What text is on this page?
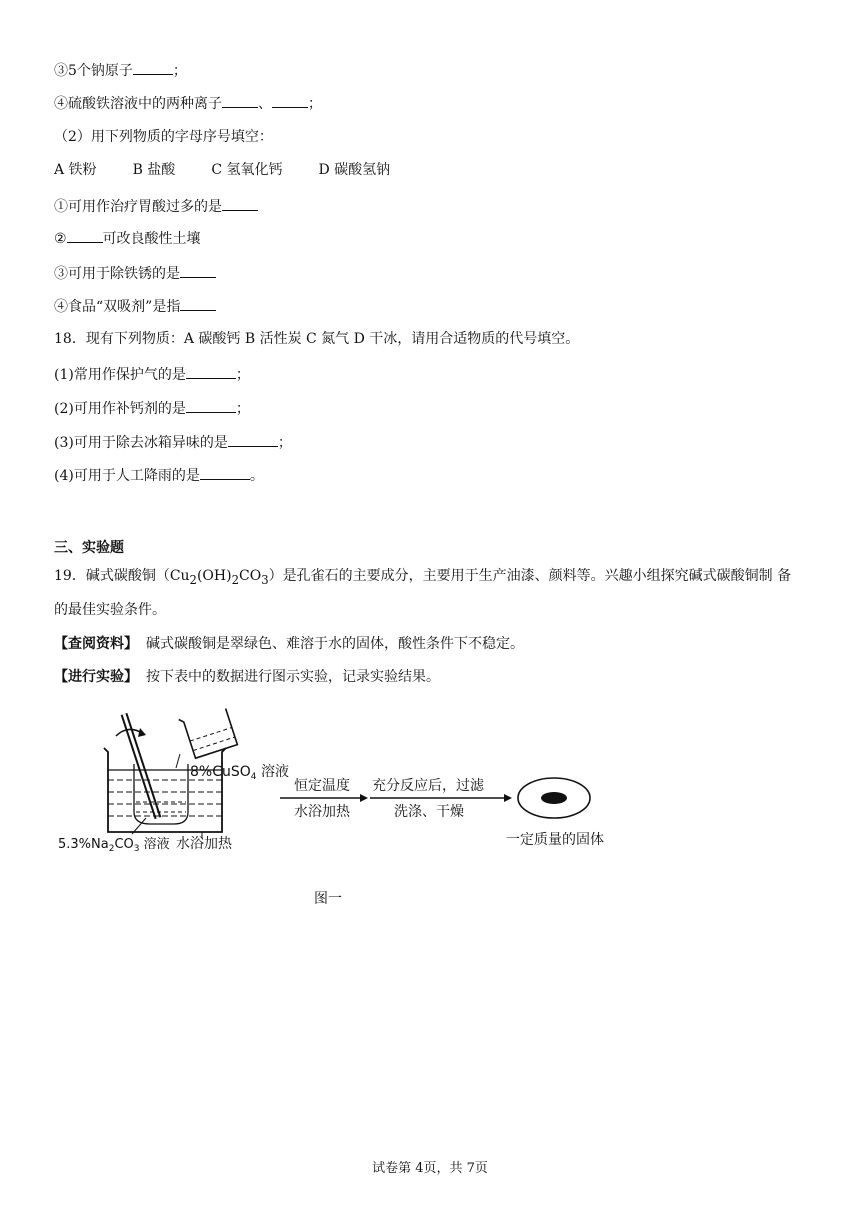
③5个钠原子	；
④硫酸铁溶液中的两种离子	、	；
（2）用下列物质的字母序号填空：
A 铁粉	B 盐酸	C 氢氧化钙	D 碳酸氢钠
①可用作治疗胃酸过多的是
②	可改良酸性土壤
③可用于除铁锈的是
④食品“双吸剂”是指
18．现有下列物质：A 碳酸钙 B 活性炭 C 氮气 D 干冰，请用合适物质的代号填空。
(1)常用作保护气的是	；
(2)可用作补钙剂的是	；
(3)可用于除去冰箱异味的是	；
(4)可用于人工降雨的是	。
三、实验题
19．碱式碳酸铜$(Cu_2(OH)_2CO_3)$是孔雀石的主要成分，主要用于生产油漆、颜料等。兴趣小组探究碱式碳酸铜制 备
的最佳实验条件。
【查阅资料】 碱式碳酸铜是翠绿色、难溶于水的固体，酸性条件下不稳定。
【进行实验】 按下表中的数据进行图示实验，记录实验结果。
8%CuSO$_4$ 溶液
$5.3\%Na_2CO_3$ 溶液 水浴加热
恒定温度
水浴加热
充分反应后，过滤
洗涤、干燥
一定质量的固体
图一
试卷第 4页，共 7页
